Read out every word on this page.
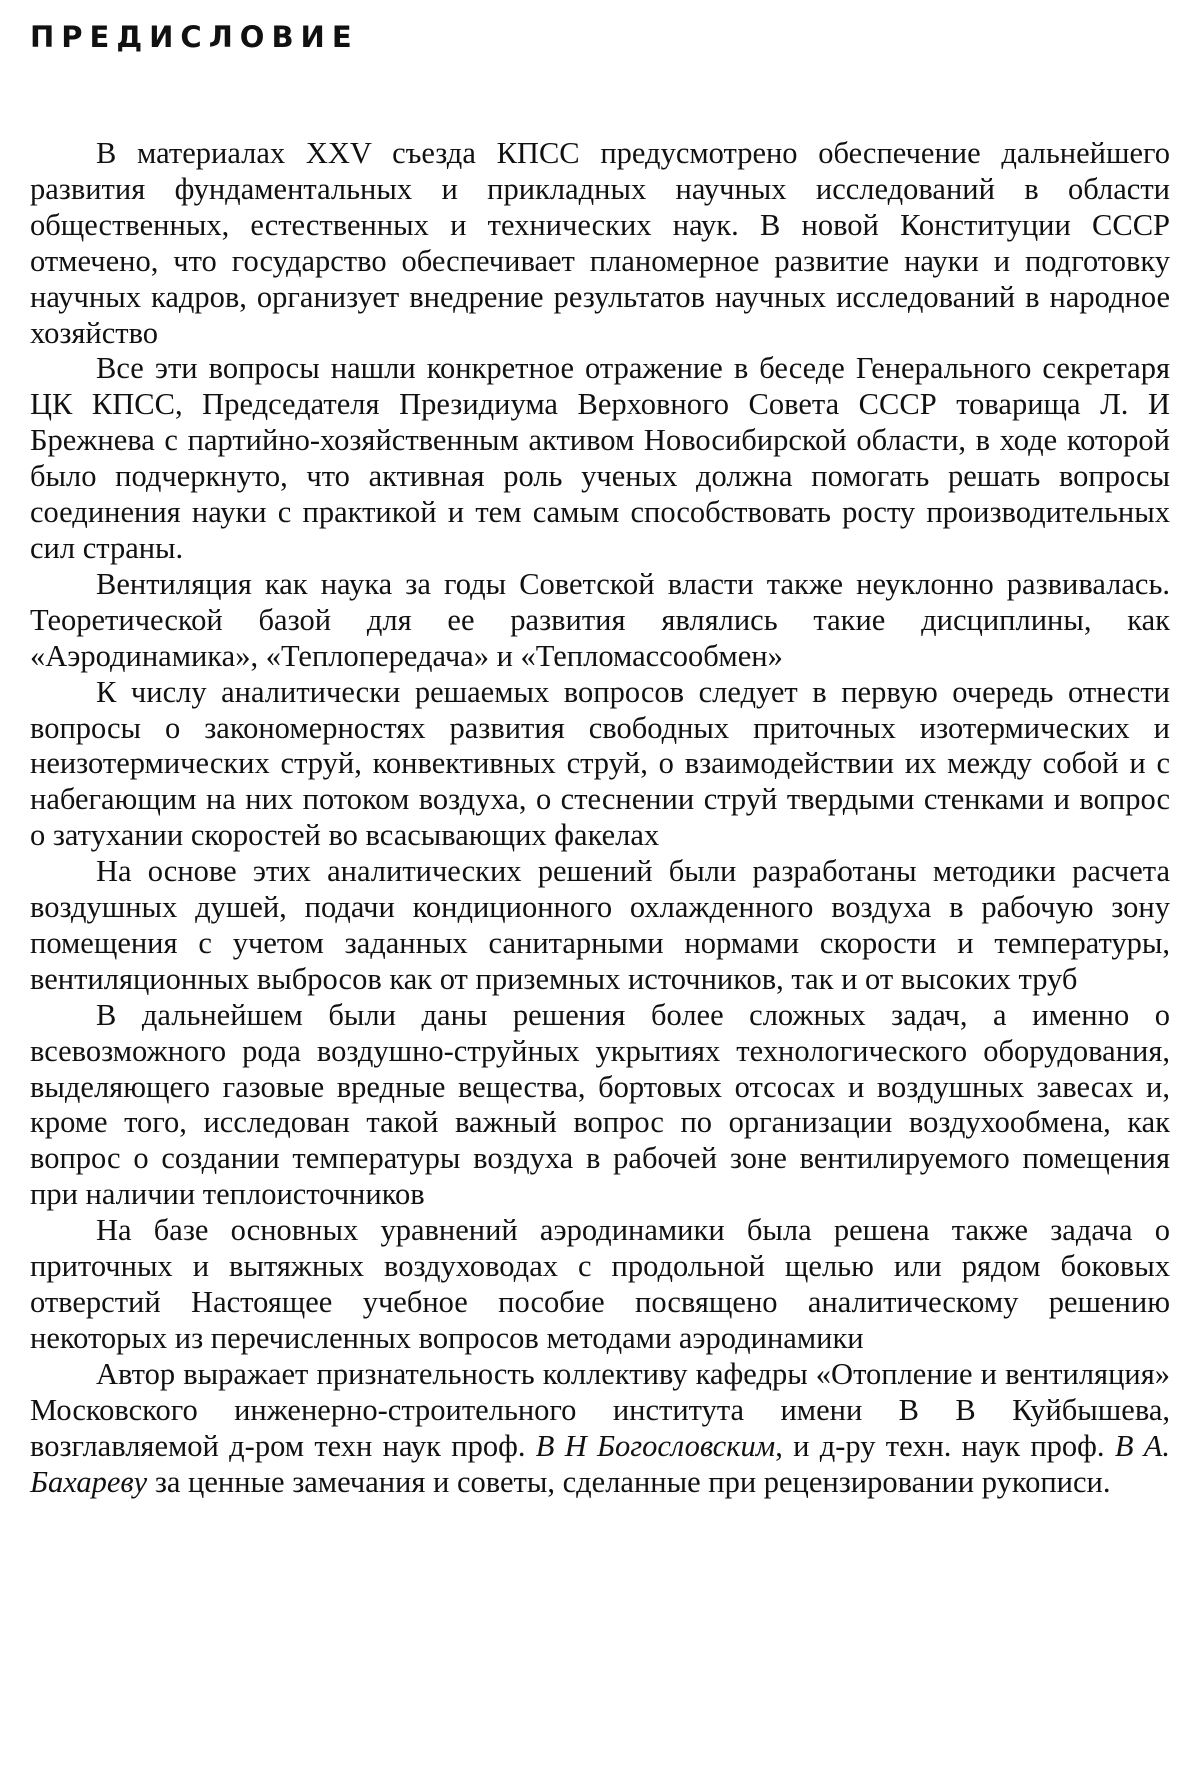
ПРЕДИСЛОВИЕ

В материалах XXV съезда КПСС предусмотрено обеспечение дальнейшего развития фундаментальных и прикладных научных исследований в области общественных, естественных и технических наук. В новой Конституции СССР отмечено, что государство обеспечивает планомерное развитие науки и подготовку научных кадров, организует внедрение результатов научных исследований в народное хозяйство

Все эти вопросы нашли конкретное отражение в беседе Генерального секретаря ЦК КПСС, Председателя Президиума Верховного Совета СССР товарища Л. И Брежнева с партийно-хозяйственным активом Новосибирской области, в ходе которой было подчеркнуто, что активная роль ученых должна помогать решать вопросы соединения науки с практикой и тем самым способствовать росту производительных сил страны.

Вентиляция как наука за годы Советской власти также неуклонно развивалась. Теоретической базой для ее развития являлись такие дисциплины, как «Аэродинамика», «Теплопередача» и «Тепломассообмен»

К числу аналитически решаемых вопросов следует в первую очередь отнести вопросы о закономерностях развития свободных приточных изотермических и неизотермических струй, конвективных струй, о взаимодействии их между собой и с набегающим на них потоком воздуха, о стеснении струй твердыми стенками и вопрос о затухании скоростей во всасывающих факелах

На основе этих аналитических решений были разработаны методики расчета воздушных душей, подачи кондиционного охлажденного воздуха в рабочую зону помещения с учетом заданных санитарными нормами скорости и температуры, вентиляционных выбросов как от приземных источников, так и от высоких труб

В дальнейшем были даны решения более сложных задач, а именно о всевозможного рода воздушно-струйных укрытиях технологического оборудования, выделяющего газовые вредные вещества, бортовых отсосах и воздушных завесах и, кроме того, исследован такой важный вопрос по организации воздухообмена, как вопрос о создании температуры воздуха в рабочей зоне вентилируемого помещения при наличии теплоисточников

На базе основных уравнений аэродинамики была решена также задача о приточных и вытяжных воздуховодах с продольной щелью или рядом боковых отверстий Настоящее учебное пособие посвящено аналитическому решению некоторых из перечисленных вопросов методами аэродинамики

Автор выражает признательность коллективу кафедры «Отопление и вентиляция» Московского инженерно-строительного института имени В В Куйбышева, возглавляемой д-ром техн наук проф. В Н Богословским, и д-ру техн. наук проф. В А. Бахареву за ценные замечания и советы, сделанные при рецензировании рукописи.
